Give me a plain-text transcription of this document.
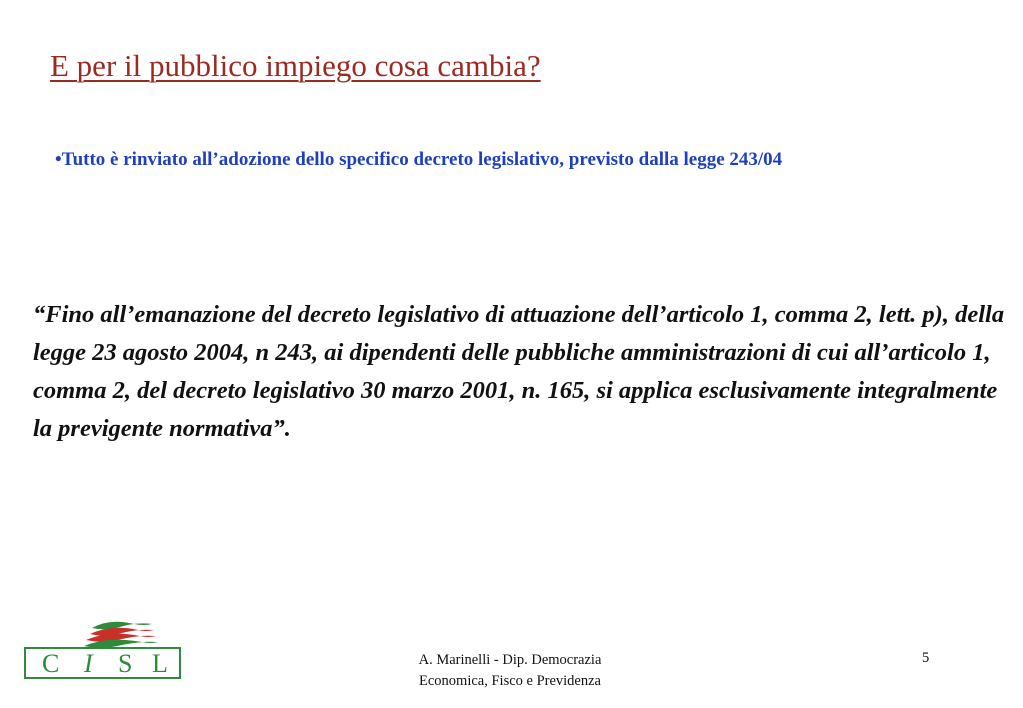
E per il pubblico impiego cosa cambia?

•Tutto è rinviato all’adozione dello specifico decreto legislativo, previsto dalla legge 243/04

“Fino all’emanazione del decreto legislativo di attuazione dell’articolo 1, comma 2, lett. p), della legge 23 agosto 2004, n 243, ai dipendenti delle pubbliche amministrazioni di cui all’articolo 1, comma 2, del decreto legislativo 30 marzo 2001, n. 165, si applica esclusivamente integralmente la previgente normativa”.

C I S L	A. Marinelli - Dip. Democrazia
Economica, Fisco e Previdenza

5
